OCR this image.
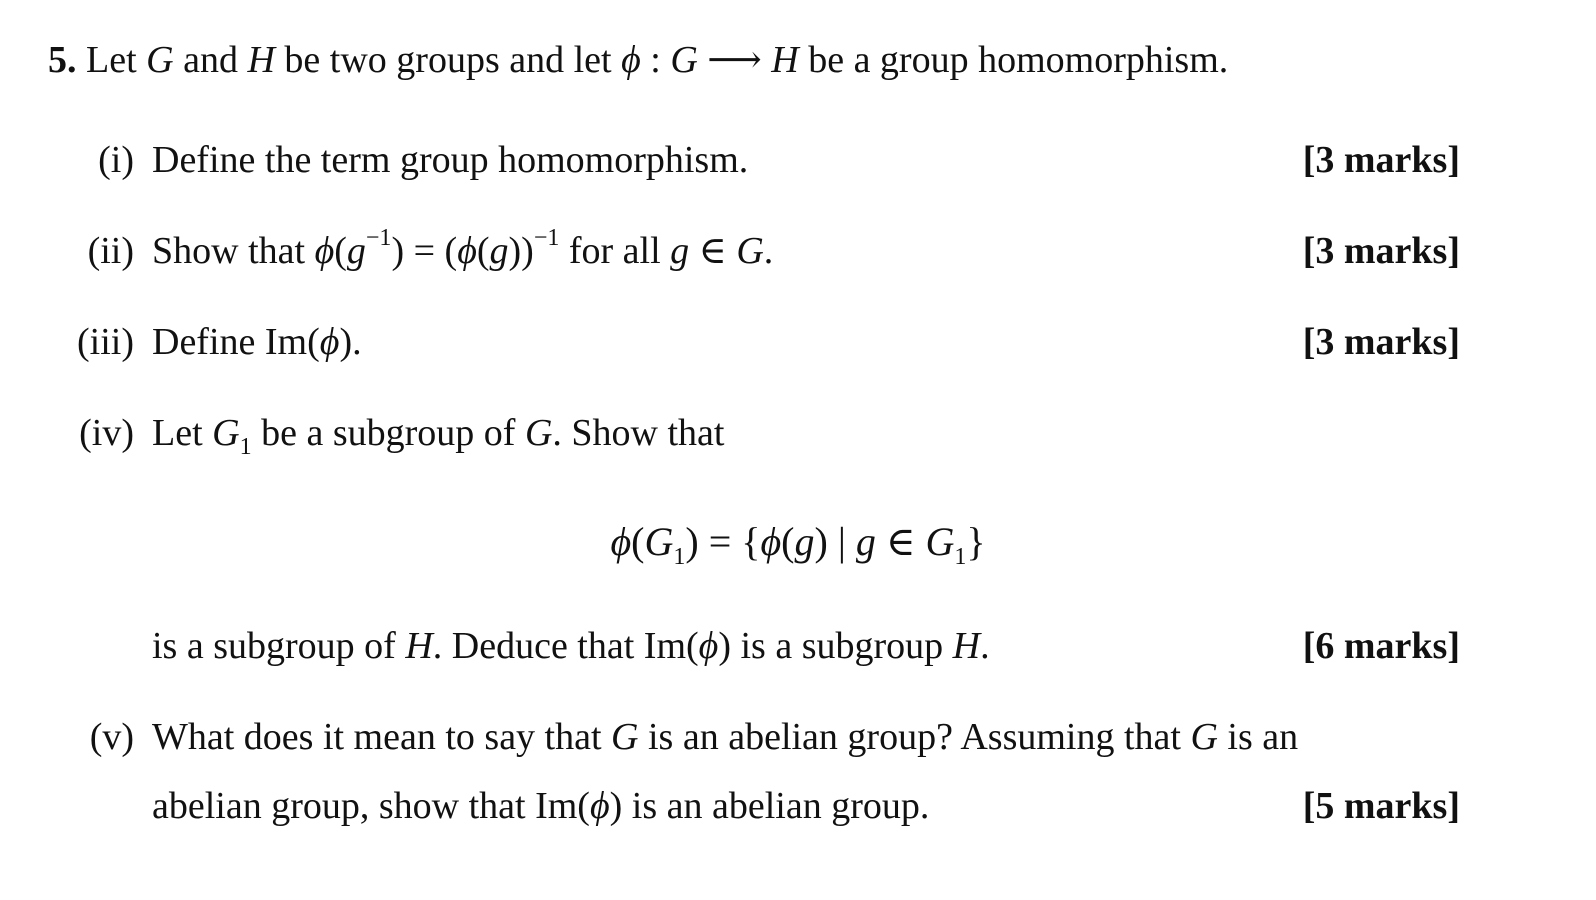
5. Let G and H be two groups and let ϕ : G ⟶ H be a group homomorphism.
(i) Define the term group homomorphism.	[3 marks]
(ii) Show that $\phi(g^{-1}) = (\phi(g))^{-1}$ for all g ∈ G.	[3 marks]
(iii) Define Im(ϕ).	[3 marks]
(iv) Let $G_1$ be a subgroup of G. Show that
$\phi(G_1) = \{\phi(g)$ | g ∈ $G_1$}
is a subgroup of H. Deduce that Im(ϕ) is a subgroup H.	[6 marks]
(v) What does it mean to say that G is an abelian group? Assuming that G is an
abelian group, show that Im(ϕ) is an abelian group.	[5 marks]
